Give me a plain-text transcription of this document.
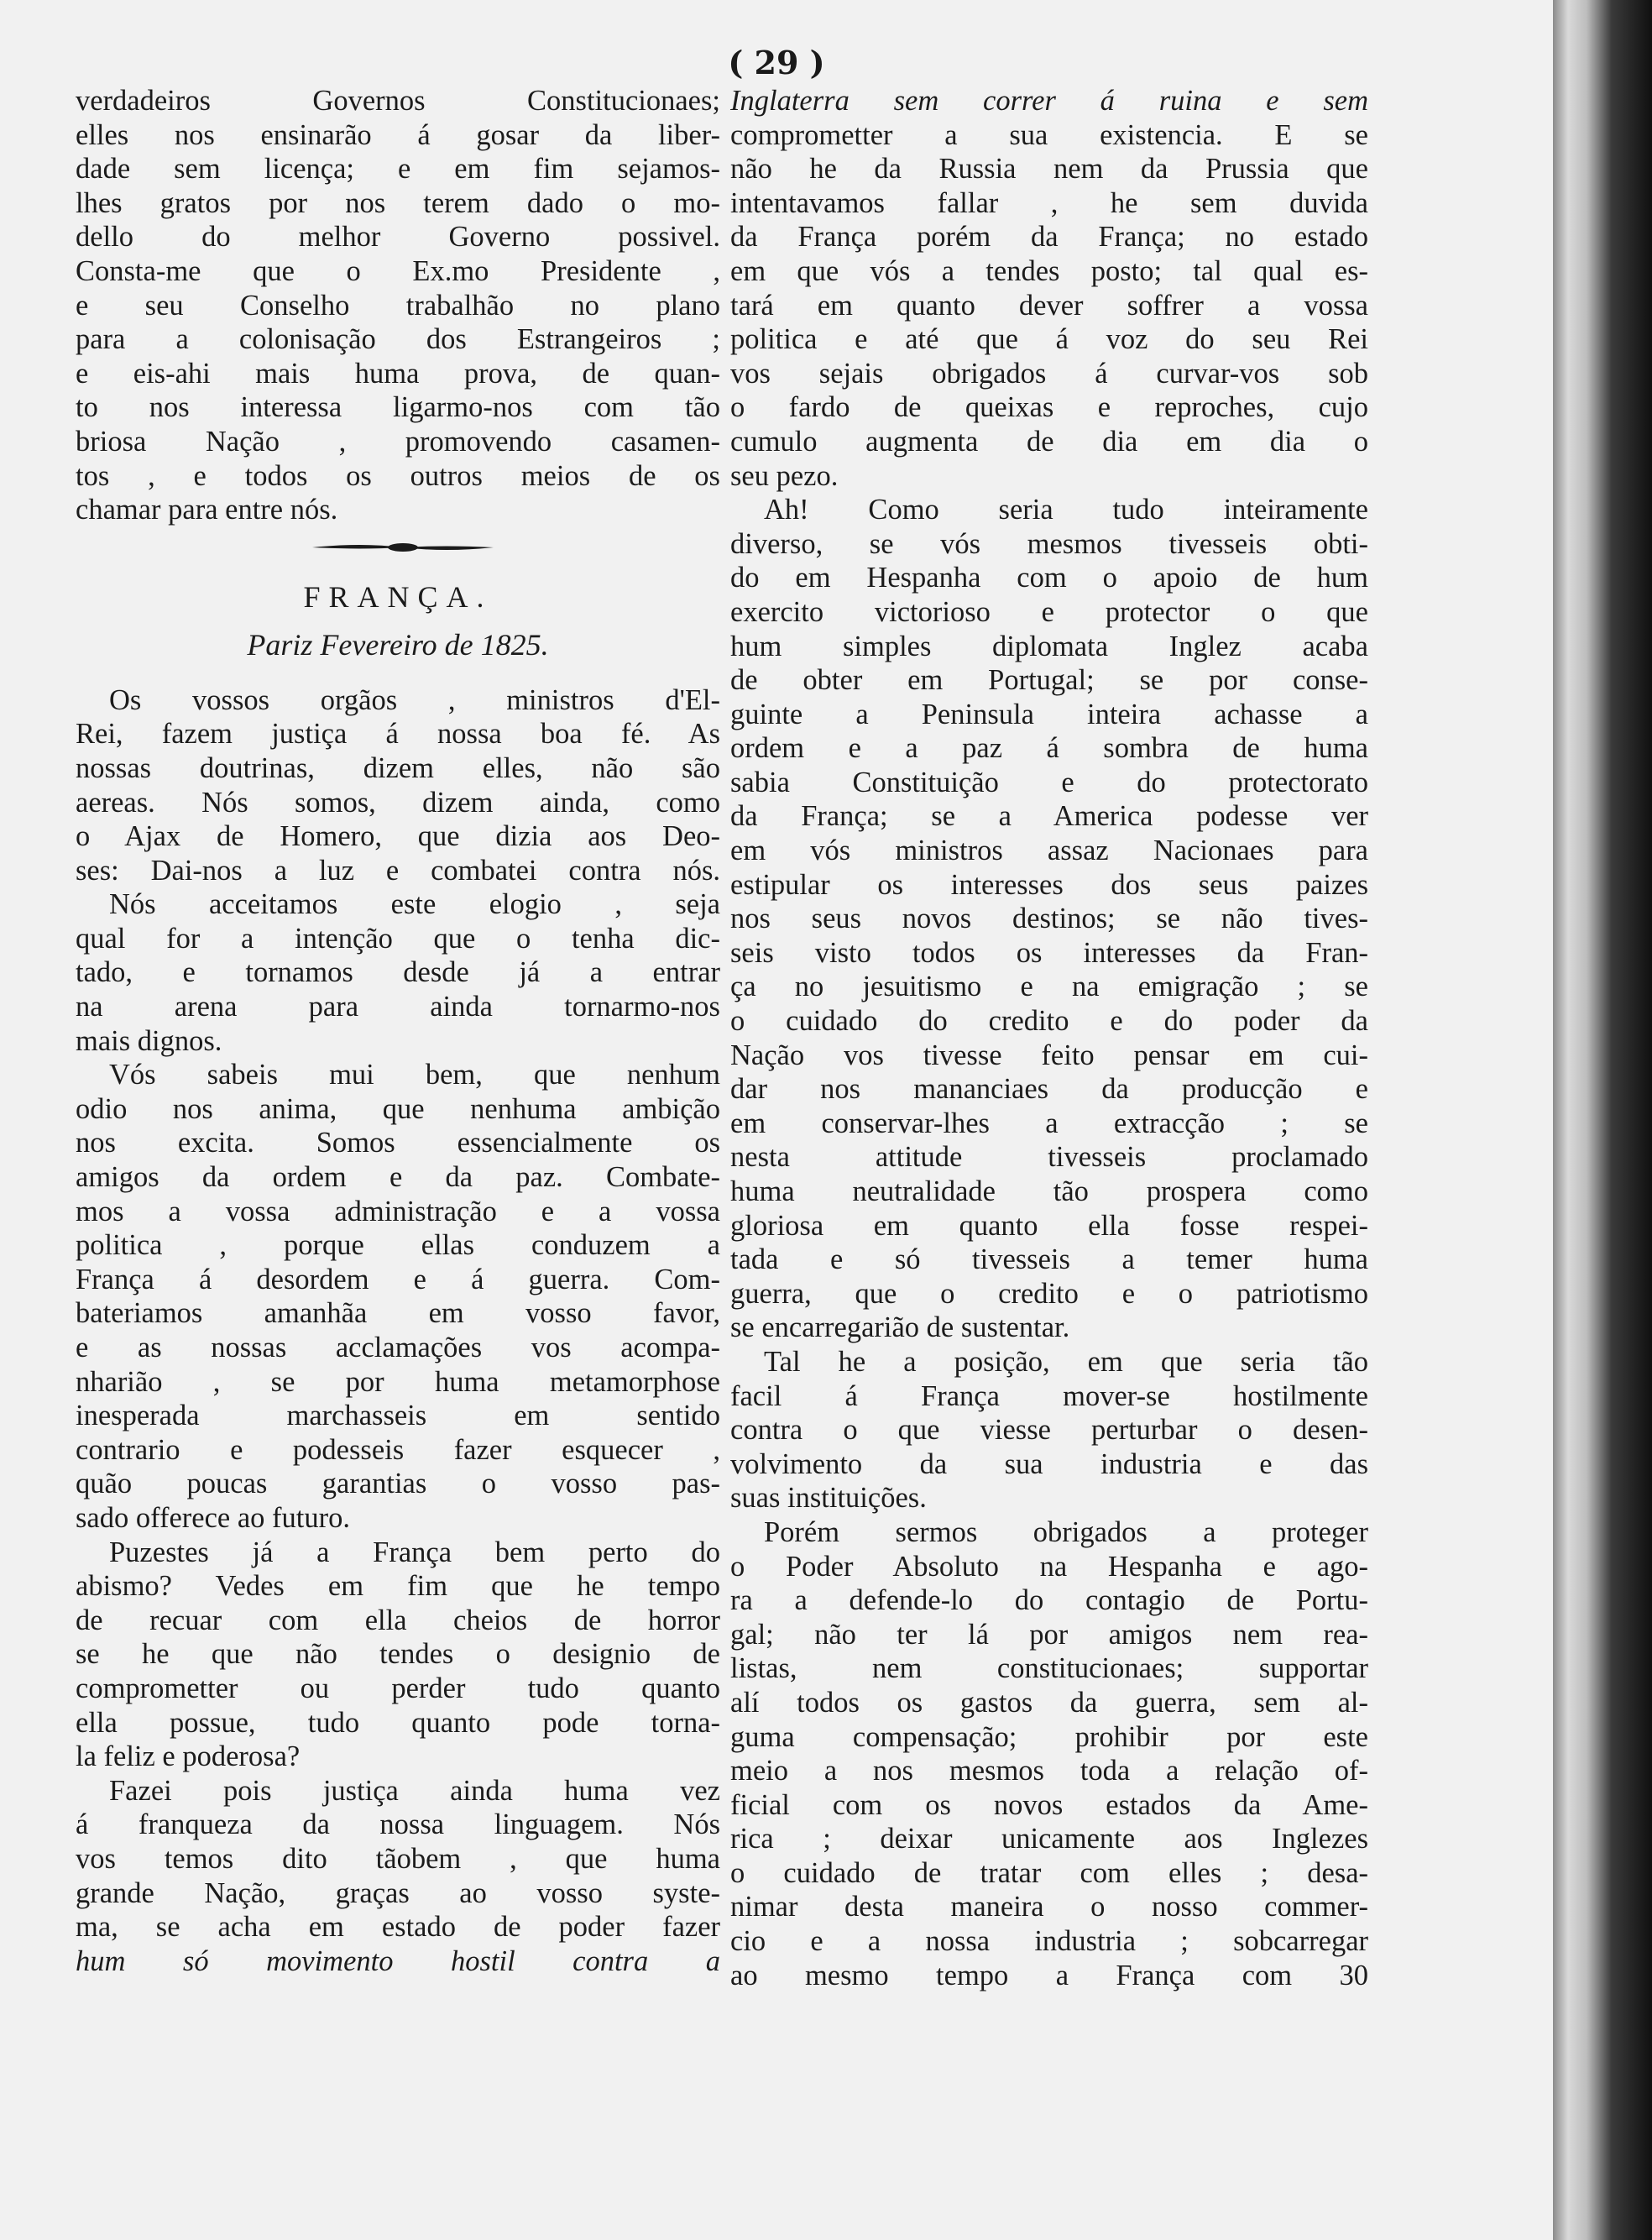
( 29 )
verdadeiros Governos Constitucionaes;
elles nos ensinarão á gosar da liber-
dade sem licença; e em fim sejamos-
lhes gratos por nos terem dado o mo-
dello do melhor Governo possivel.
Consta-me que o Ex.mo Presidente ,
e seu Conselho trabalhão no plano
para a colonisação dos Estrangeiros ;
e eis-ahi mais huma prova, de quan-
to nos interessa ligarmo-nos com tão
briosa Nação , promovendo casamen-
tos , e todos os outros meios de os
chamar para entre nós.
FRANÇA.
Pariz Fevereiro de 1825.
Os vossos orgãos , ministros d'El-
Rei, fazem justiça á nossa boa fé. As
nossas doutrinas, dizem elles, não são
aereas. Nós somos, dizem ainda, como
o Ajax de Homero, que dizia aos Deo-
ses: Dai-nos a luz e combatei contra nós.
Nós acceitamos este elogio , seja
qual for a intenção que o tenha dic-
tado, e tornamos desde já a entrar
na arena para ainda tornarmo-nos
mais dignos.
Vós sabeis mui bem, que nenhum
odio nos anima, que nenhuma ambição
nos excita. Somos essencialmente os
amigos da ordem e da paz. Combate-
mos a vossa administração e a vossa
politica , porque ellas conduzem a
França á desordem e á guerra. Com-
bateriamos amanhãa em vosso favor,
e as nossas acclamações vos acompa-
nharião , se por huma metamorphose
inesperada marchasseis em sentido
contrario e podesseis fazer esquecer ,
quão poucas garantias o vosso pas-
sado offerece ao futuro.
Puzestes já a França bem perto do
abismo? Vedes em fim que he tempo
de recuar com ella cheios de horror
se he que não tendes o designio de
comprometter ou perder tudo quanto
ella possue, tudo quanto pode torna-
la feliz e poderosa?
Fazei pois justiça ainda huma vez
á franqueza da nossa linguagem. Nós
vos temos dito tãobem , que huma
grande Nação, graças ao vosso syste-
ma, se acha em estado de poder fazer
hum só movimento hostil contra a
Inglaterra sem correr á ruina e sem
comprometter a sua existencia. E se
não he da Russia nem da Prussia que
intentavamos fallar , he sem duvida
da França porém da França; no estado
em que vós a tendes posto; tal qual es-
tará em quanto dever soffrer a vossa
politica e até que á voz do seu Rei
vos sejais obrigados á curvar-vos sob
o fardo de queixas e reproches, cujo
cumulo augmenta de dia em dia o
seu pezo.
Ah! Como seria tudo inteiramente
diverso, se vós mesmos tivesseis obti-
do em Hespanha com o apoio de hum
exercito victorioso e protector o que
hum simples diplomata Inglez acaba
de obter em Portugal; se por conse-
guinte a Peninsula inteira achasse a
ordem e a paz á sombra de huma
sabia Constituição e do protectorato
da França; se a America podesse ver
em vós ministros assaz Nacionaes para
estipular os interesses dos seus paizes
nos seus novos destinos; se não tives-
seis visto todos os interesses da Fran-
ça no jesuitismo e na emigração ; se
o cuidado do credito e do poder da
Nação vos tivesse feito pensar em cui-
dar nos mananciaes da producção e
em conservar-lhes a extracção ; se
nesta attitude tivesseis proclamado
huma neutralidade tão prospera como
gloriosa em quanto ella fosse respei-
tada e só tivesseis a temer huma
guerra, que o credito e o patriotismo
se encarregarião de sustentar.
Tal he a posição, em que seria tão
facil á França mover-se hostilmente
contra o que viesse perturbar o desen-
volvimento da sua industria e das
suas instituições.
Porém sermos obrigados a proteger
o Poder Absoluto na Hespanha e ago-
ra a defende-lo do contagio de Portu-
gal; não ter lá por amigos nem rea-
listas, nem constitucionaes; supportar
alí todos os gastos da guerra, sem al-
guma compensação; prohibir por este
meio a nos mesmos toda a relação of-
ficial com os novos estados da Ame-
rica ; deixar unicamente aos Inglezes
o cuidado de tratar com elles ; desa-
nimar desta maneira o nosso commer-
cio e a nossa industria ; sobcarregar
ao mesmo tempo a França com 30
